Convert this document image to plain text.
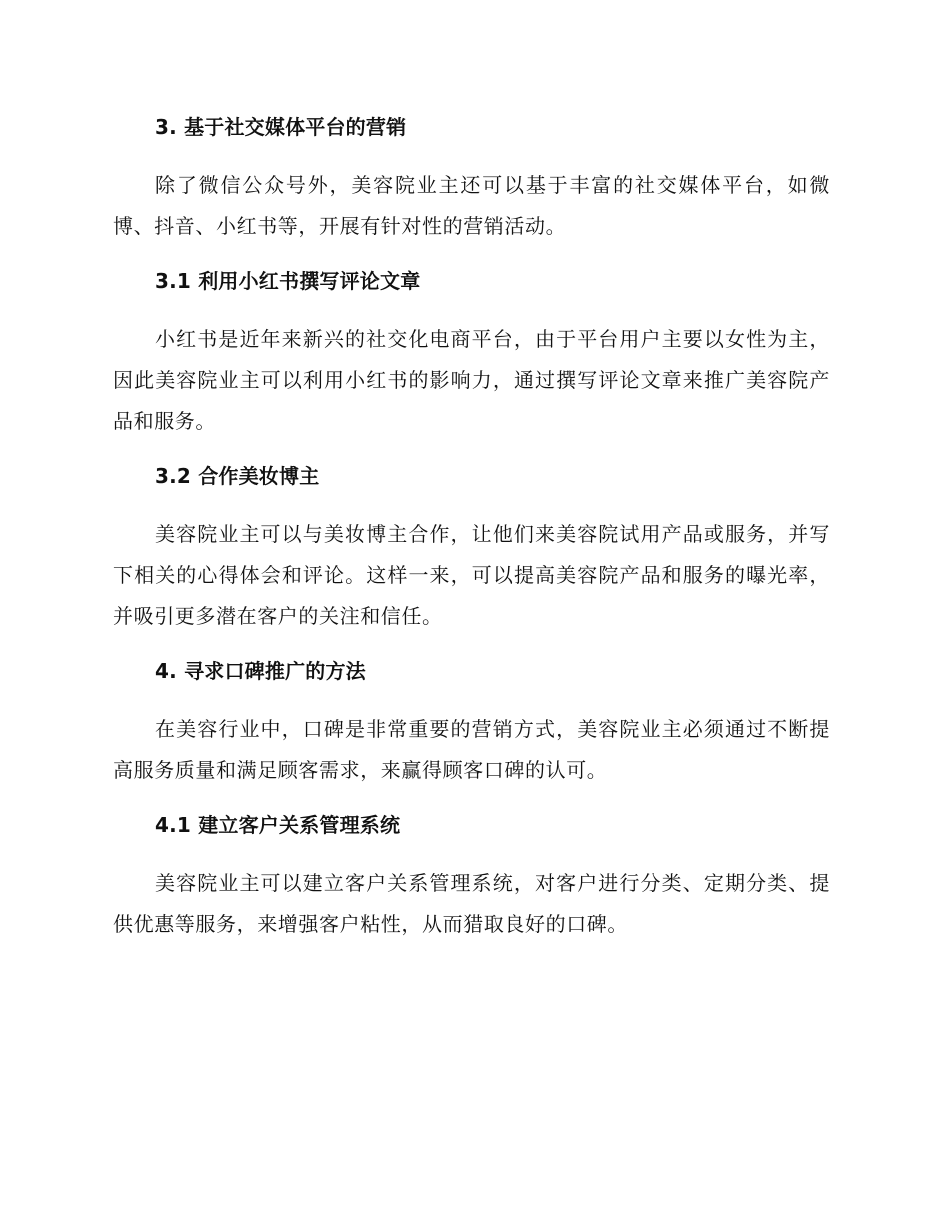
3. 基于社交媒体平台的营销

除了微信公众号外，美容院业主还可以基于丰富的社交媒体平台，如微博、抖音、小红书等，开展有针对性的营销活动。

3.1 利用小红书撰写评论文章

小红书是近年来新兴的社交化电商平台，由于平台用户主要以女性为主，因此美容院业主可以利用小红书的影响力，通过撰写评论文章来推广美容院产品和服务。

3.2 合作美妆博主

美容院业主可以与美妆博主合作，让他们来美容院试用产品或服务，并写下相关的心得体会和评论。这样一来，可以提高美容院产品和服务的曝光率，并吸引更多潜在客户的关注和信任。

4. 寻求口碑推广的方法

在美容行业中，口碑是非常重要的营销方式，美容院业主必须通过不断提高服务质量和满足顾客需求，来赢得顾客口碑的认可。

4.1 建立客户关系管理系统

美容院业主可以建立客户关系管理系统，对客户进行分类、定期分类、提供优惠等服务，来增强客户粘性，从而猎取良好的口碑。
